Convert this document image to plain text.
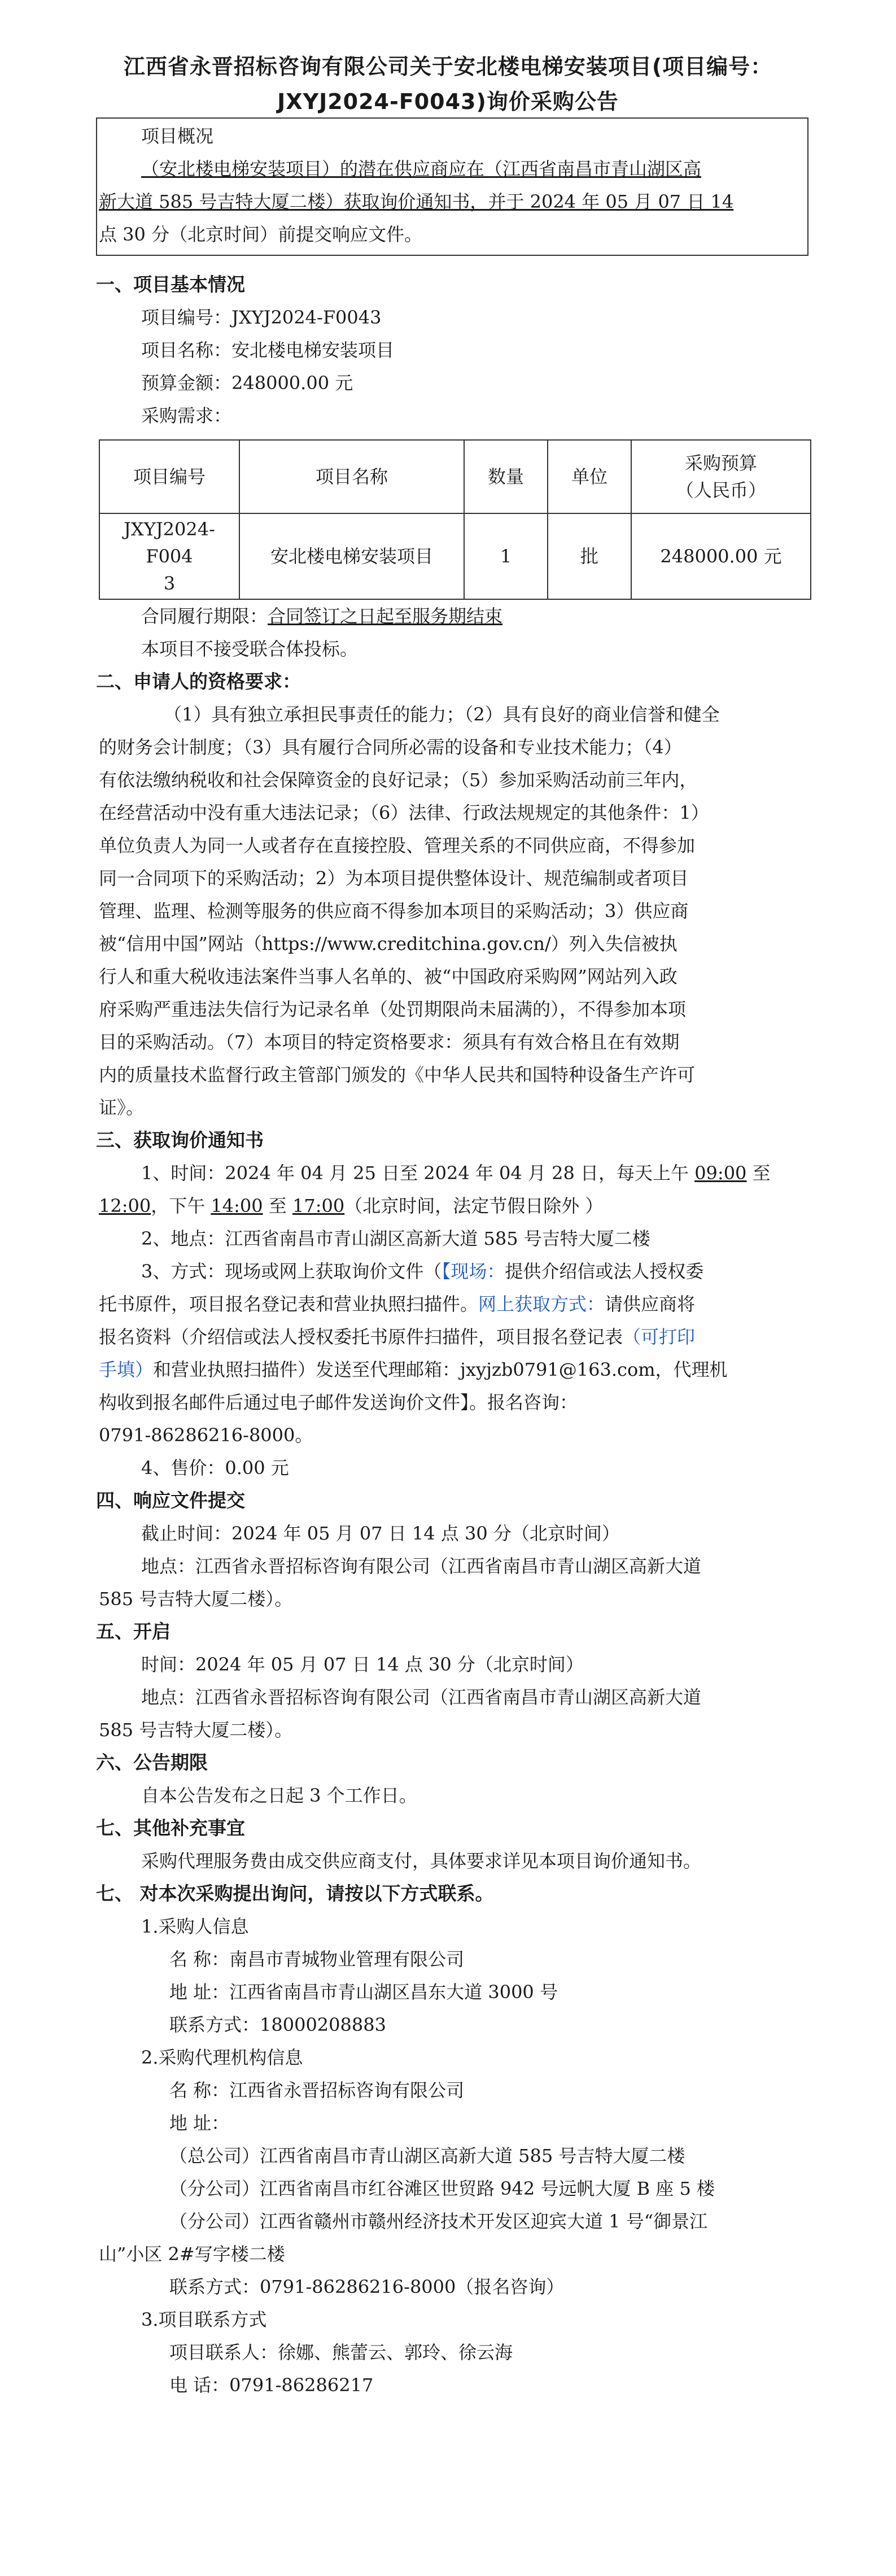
江西省永晋招标咨询有限公司关于安北楼电梯安装项目(项目编号：
JXYJ2024-F0043)询价采购公告
项目概况
（安北楼电梯安装项目）的潜在供应商应在（江西省南昌市青山湖区高
新大道 585 号吉特大厦二楼）获取询价通知书，并于 2024 年 05 月 07 日 14
点 30 分（北京时间）前提交响应文件。
一、项目基本情况
项目编号：JXYJ2024-F0043
项目名称：安北楼电梯安装项目
预算金额：248000.00 元
采购需求：
项目编号	项目名称	数量	单位	采购预算
（人民币）
JXYJ2024-F004
3	安北楼电梯安装项目	1	批	248000.00 元
合同履行期限：合同签订之日起至服务期结束
本项目不接受联合体投标。
二、申请人的资格要求：
（1）具有独立承担民事责任的能力；（2）具有良好的商业信誉和健全
的财务会计制度；（3）具有履行合同所必需的设备和专业技术能力；（4）
有依法缴纳税收和社会保障资金的良好记录；（5）参加采购活动前三年内，
在经营活动中没有重大违法记录；（6）法律、行政法规规定的其他条件：1）
单位负责人为同一人或者存在直接控股、管理关系的不同供应商，不得参加
同一合同项下的采购活动；2）为本项目提供整体设计、规范编制或者项目
管理、监理、检测等服务的供应商不得参加本项目的采购活动；3）供应商
被“信用中国”网站（https://www.creditchina.gov.cn/）列入失信被执
行人和重大税收违法案件当事人名单的、被“中国政府采购网”网站列入政
府采购严重违法失信行为记录名单（处罚期限尚未届满的），不得参加本项
目的采购活动。（7）本项目的特定资格要求：须具有有效合格且在有效期
内的质量技术监督行政主管部门颁发的《中华人民共和国特种设备生产许可
证》。
三、获取询价通知书
1、时间：2024 年 04 月 25 日至 2024 年 04 月 28 日，每天上午 09:00 至
12:00，下午 14:00 至 17:00（北京时间，法定节假日除外 ）
2、地点：江西省南昌市青山湖区高新大道 585 号吉特大厦二楼
3、方式：现场或网上获取询价文件（【现场：提供介绍信或法人授权委
托书原件，项目报名登记表和营业执照扫描件。网上获取方式：请供应商将
报名资料（介绍信或法人授权委托书原件扫描件，项目报名登记表（可打印
手填）和营业执照扫描件）发送至代理邮箱：jxyjzb0791@163.com，代理机
构收到报名邮件后通过电子邮件发送询价文件】。报名咨询：
0791-86286216-8000。
4、售价：0.00 元
四、响应文件提交
截止时间：2024 年 05 月 07 日 14 点 30 分（北京时间）
地点：江西省永晋招标咨询有限公司（江西省南昌市青山湖区高新大道
585 号吉特大厦二楼）。
五、开启
时间：2024 年 05 月 07 日 14 点 30 分（北京时间）
地点：江西省永晋招标咨询有限公司（江西省南昌市青山湖区高新大道
585 号吉特大厦二楼）。
六、公告期限
自本公告发布之日起 3 个工作日。
七、其他补充事宜
采购代理服务费由成交供应商支付，具体要求详见本项目询价通知书。
七、 对本次采购提出询问，请按以下方式联系。
1.采购人信息
名 称：南昌市青城物业管理有限公司
地 址：江西省南昌市青山湖区昌东大道 3000 号
联系方式：18000208883
2.采购代理机构信息
名 称：江西省永晋招标咨询有限公司
地 址：
（总公司）江西省南昌市青山湖区高新大道 585 号吉特大厦二楼
（分公司）江西省南昌市红谷滩区世贸路 942 号远帆大厦 B 座 5 楼
（分公司）江西省赣州市赣州经济技术开发区迎宾大道 1 号“御景江
山”小区 2#写字楼二楼
联系方式：0791-86286216-8000（报名咨询）
3.项目联系方式
项目联系人：徐娜、熊蕾云、郭玲、徐云海
电 话：0791-86286217
